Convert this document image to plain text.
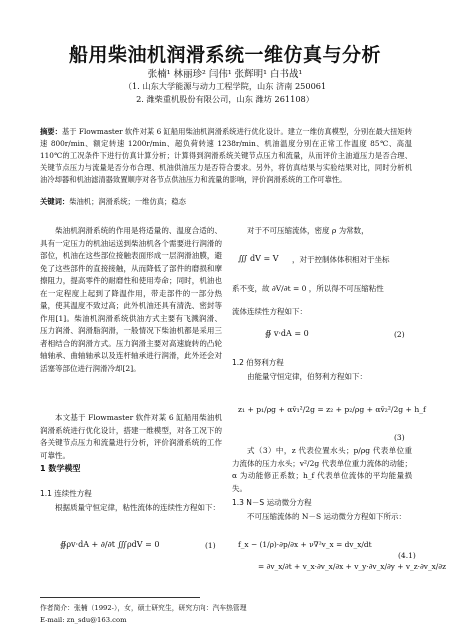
船用柴油机润滑系统一维仿真与分析
张楠¹ 林丽珍² 闫伟¹ 张辉明¹ 白书战¹
（1. 山东大学能源与动力工程学院，山东 济南 250061
2. 潍柴重机股份有限公司，山东 潍坊 261108）
摘要：基于 Flowmaster 软件对某 6 缸船用柴油机润滑系统进行优化设计。建立一维仿真模型，分别在最大扭矩转速 800r/min、额定转速 1200r/min、超负荷转速 1238r/min、机油温度分别在正常工作温度 85℃、高温 110℃的工况条件下进行仿真计算分析；计算得到润滑系统关键节点压力和流量，从而评价主油道压力是否合理、关键节点压力与流量是否分布合理、机油供油压力是否符合要求。另外，将仿真结果与实验结果对比，同时分析机油冷却器和机油滤清器致置顺序对各节点供油压力和流量的影响，评价润滑系统的工作可靠性。
关键词：柴油机；润滑系统；一维仿真；稳态
柴油机润滑系统的作用是将适量的、温度合适的、具有一定压力的机油运送到柴油机各个需要进行润滑的部位，机油在这些部位接触表面形成一层润滑油膜，避免了这些部件的直接接触，从而降低了部件的磨损和摩擦阻力，提高零件的耐磨性和使用寿命；同时，机油也在一定程度上起到了降温作用，带走部件的一部分热量，使其温度不致过高；此外机油还具有清洗、密封等作用[1]。柴油机润滑系统供油方式主要有飞溅润滑、压力润滑、润滑脂润滑，一般情况下柴油机都是采用三者相结合的润滑方式。压力润滑主要对高速旋转的凸轮轴轴承、曲轴轴承以及连杆轴承进行润滑，此外还会对活塞等部位进行润滑冷却[2]。
本文基于 Flowmaster 软件对某 6 缸船用柴油机润滑系统进行优化设计，搭建一维模型，对各工况下的各关键节点压力和流量进行分析，评价润滑系统的工作可靠性。
1 数学模型
1.1 连续性方程
根据质量守恒定律，粘性流体的连续性方程如下：
∯ρv·dA + ∂/∂t ∭ρdV = 0	(1)
对于不可压缩流体，密度 ρ 为常数，
∭ dV = V ，对于控制体体积相对于坐标
系不变，故 ∂V/∂t = 0 ，所以得不可压缩粘性
流体连续性方程如下：
∯ v·dA = 0	(2)
1.2 伯努利方程
由能量守恒定律，伯努利方程如下：
z₁ + p₁/ρg + αv̄₁²/2g = z₂ + p₂/ρg + αv̄₂²/2g + h_f
(3)
式（3）中，z 代表位置水头；p/ρg 代表单位重力流体的压力水头；v²/2g 代表单位重力流体的动能；α 为动能修正系数；h_f 代表单位流体的平均能量损失。
1.3 N－S 运动微分方程
不可压缩流体的 N－S 运动微分方程如下所示：
f_x − (1/ρ)·∂p/∂x + ν∇²v_x = dv_x/dt
= ∂v_x/∂t + v_x·∂v_x/∂x + v_y·∂v_x/∂y + v_z·∂v_x/∂z
(4.1)
作者简介：张楠（1992-），女，硕士研究生，研究方向：汽车热管理
E-mail: zn_sdu@163.com
